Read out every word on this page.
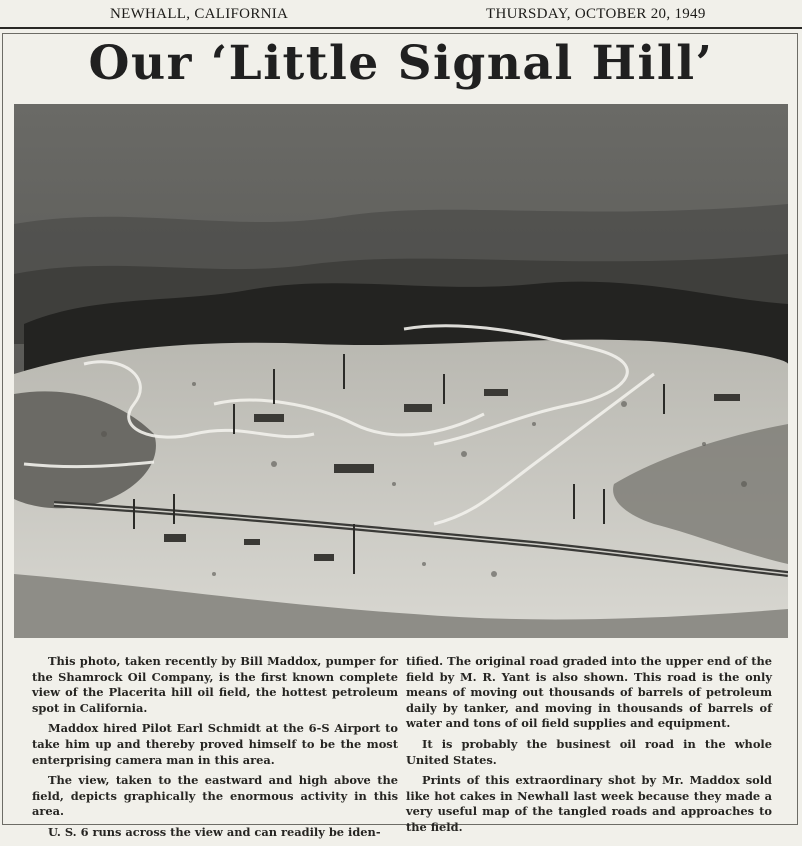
NEWHALL, CALIFORNIA	THURSDAY, OCTOBER 20, 1949
Our ‘Little Signal Hill’

This photo, taken recently by Bill Maddox, pumper for the Shamrock Oil Company, is the first known complete view of the Placerita hill oil field, the hottest petroleum spot in California.

Maddox hired Pilot Earl Schmidt at the 6-S Airport to take him up and thereby proved himself to be the most enterprising camera man in this area.

The view, taken to the eastward and high above the field, depicts graphically the enormous activity in this area.

U. S. 6 runs across the view and can readily be iden-

tified. The original road graded into the upper end of the field by M. R. Yant is also shown. This road is the only means of moving out thousands of barrels of petroleum daily by tanker, and moving in thousands of barrels of water and tons of oil field supplies and equipment.

It is probably the businest oil road in the whole United States.

Prints of this extraordinary shot by Mr. Maddox sold like hot cakes in Newhall last week because they made a very useful map of the tangled roads and approaches to the field.
